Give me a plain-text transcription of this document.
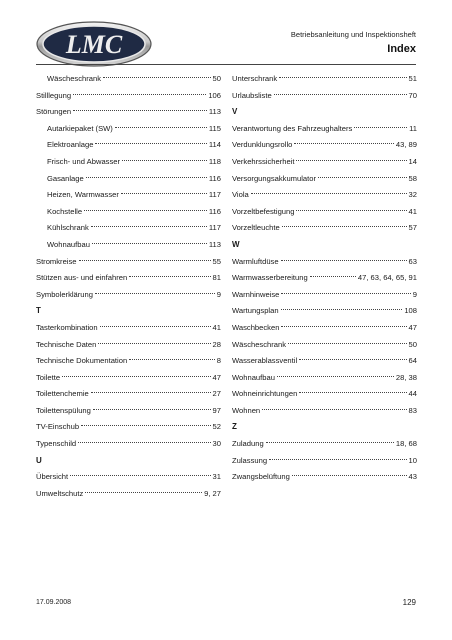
LMC	Betriebsanleitung und Inspektionsheft
Index
Wäscheschrank	50
Stilllegung	106
Störungen	113
Autarkiepaket (SW)	115
Elektroanlage	114
Frisch- und Abwasser	118
Gasanlage	116
Heizen, Warmwasser	117
Kochstelle	116
Kühlschrank	117
Wohnaufbau	113
Stromkreise	55
Stützen aus- und einfahren	81
Symbolerklärung	9
T
Tasterkombination	41
Technische Daten	28
Technische Dokumentation	8
Toilette	47
Toilettenchemie	27
Toilettenspülung	97
TV-Einschub	52
Typenschild	30
U
Übersicht	31
Umweltschutz	9, 27
Unterschrank	51
Urlaubsliste	70
V
Verantwortung des Fahrzeughalters	11
Verdunklungsrollo	43, 89
Verkehrssicherheit	14
Versorgungsakkumulator	58
Viola	32
Vorzeltbefestigung	41
Vorzeltleuchte	57
W
Warmluftdüse	63
Warmwasserbereitung	47, 63, 64, 65, 91
Warnhinweise	9
Wartungsplan	108
Waschbecken	47
Wäscheschrank	50
Wasserablassventil	64
Wohnaufbau	28, 38
Wohneinrichtungen	44
Wohnen	83
Z
Zuladung	18, 68
Zulassung	10
Zwangsbelüftung	43
17.09.2008	129
